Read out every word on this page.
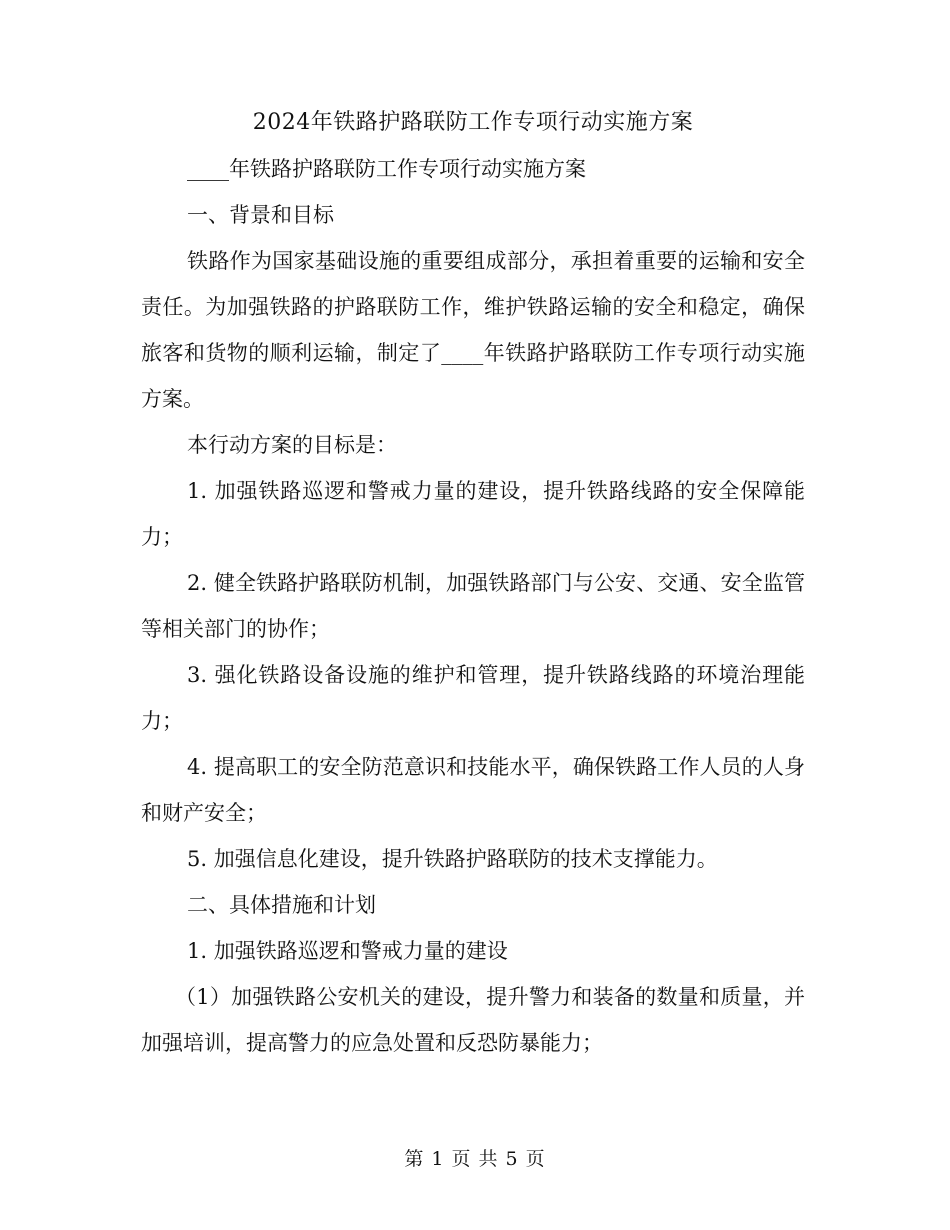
2024年铁路护路联防工作专项行动实施方案

____年铁路护路联防工作专项行动实施方案

一、背景和目标

铁路作为国家基础设施的重要组成部分，承担着重要的运输和安全责任。为加强铁路的护路联防工作，维护铁路运输的安全和稳定，确保旅客和货物的顺利运输，制定了____年铁路护路联防工作专项行动实施方案。

本行动方案的目标是：

1. 加强铁路巡逻和警戒力量的建设，提升铁路线路的安全保障能力；

2. 健全铁路护路联防机制，加强铁路部门与公安、交通、安全监管等相关部门的协作；

3. 强化铁路设备设施的维护和管理，提升铁路线路的环境治理能力；

4. 提高职工的安全防范意识和技能水平，确保铁路工作人员的人身和财产安全；

5. 加强信息化建设，提升铁路护路联防的技术支撑能力。

二、具体措施和计划

1. 加强铁路巡逻和警戒力量的建设

（1）加强铁路公安机关的建设，提升警力和装备的数量和质量，并加强培训，提高警力的应急处置和反恐防暴能力；

第 1 页 共 5 页
